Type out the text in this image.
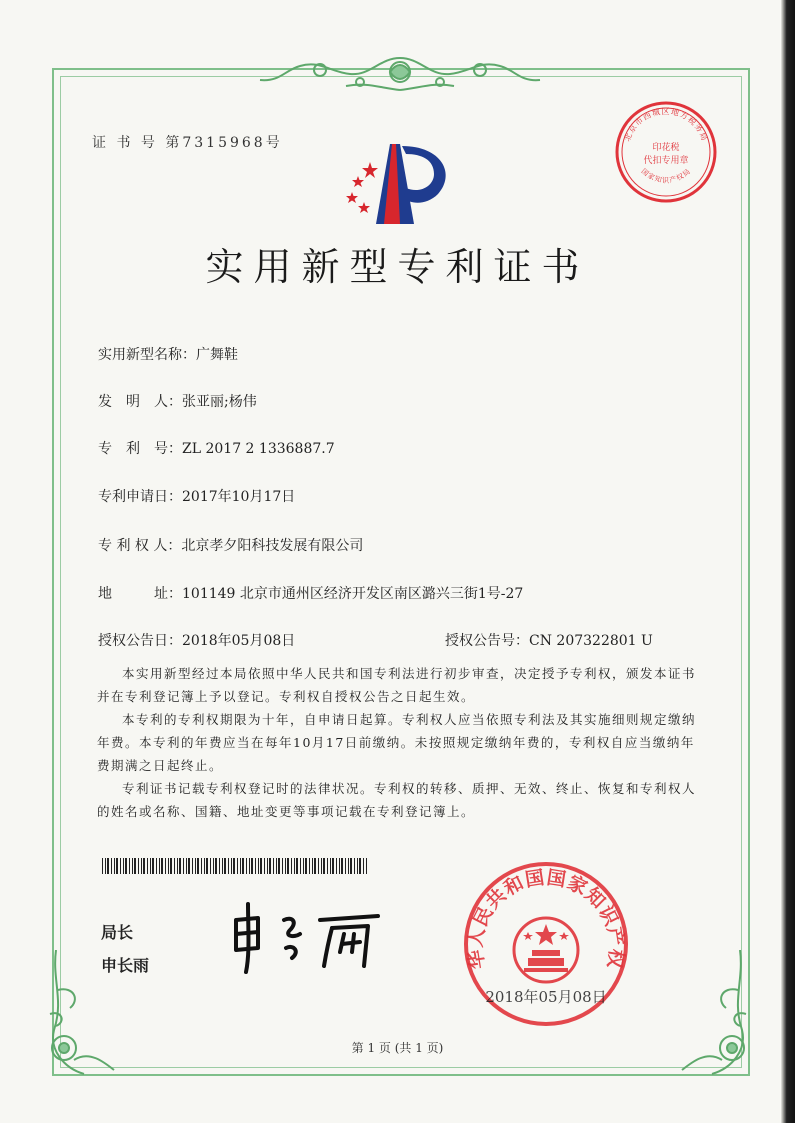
证 书 号 第7315968号	北京市西城区地方税务局
国家知识产权局
印花税
代扣专用章
实用新型专利证书
实用新型名称：广舞鞋
发　明　人：张亚丽;杨伟
专　利　号：ZL 2017 2 1336887.7
专利申请日：2017年10月17日
专 利 权 人：北京孝夕阳科技发展有限公司
地　　　址：101149 北京市通州区经济开发区南区潞兴三街1号-27
授权公告日：2018年05月08日	授权公告号：CN 207322801 U

本实用新型经过本局依照中华人民共和国专利法进行初步审查，决定授予专利权，颁发本证书并在专利登记簿上予以登记。专利权自授权公告之日起生效。

本专利的专利权期限为十年，自申请日起算。专利权人应当依照专利法及其实施细则规定缴纳年费。本专利的年费应当在每年10月17日前缴纳。未按照规定缴纳年费的，专利权自应当缴纳年费期满之日起终止。

专利证书记载专利权登记时的法律状况。专利权的转移、质押、无效、终止、恢复和专利权人的姓名或名称、国籍、地址变更等事项记载在专利登记簿上。

局长
申长雨	华人民共和国国家知识产权
2018年05月08日
第 1 页 (共 1 页)
